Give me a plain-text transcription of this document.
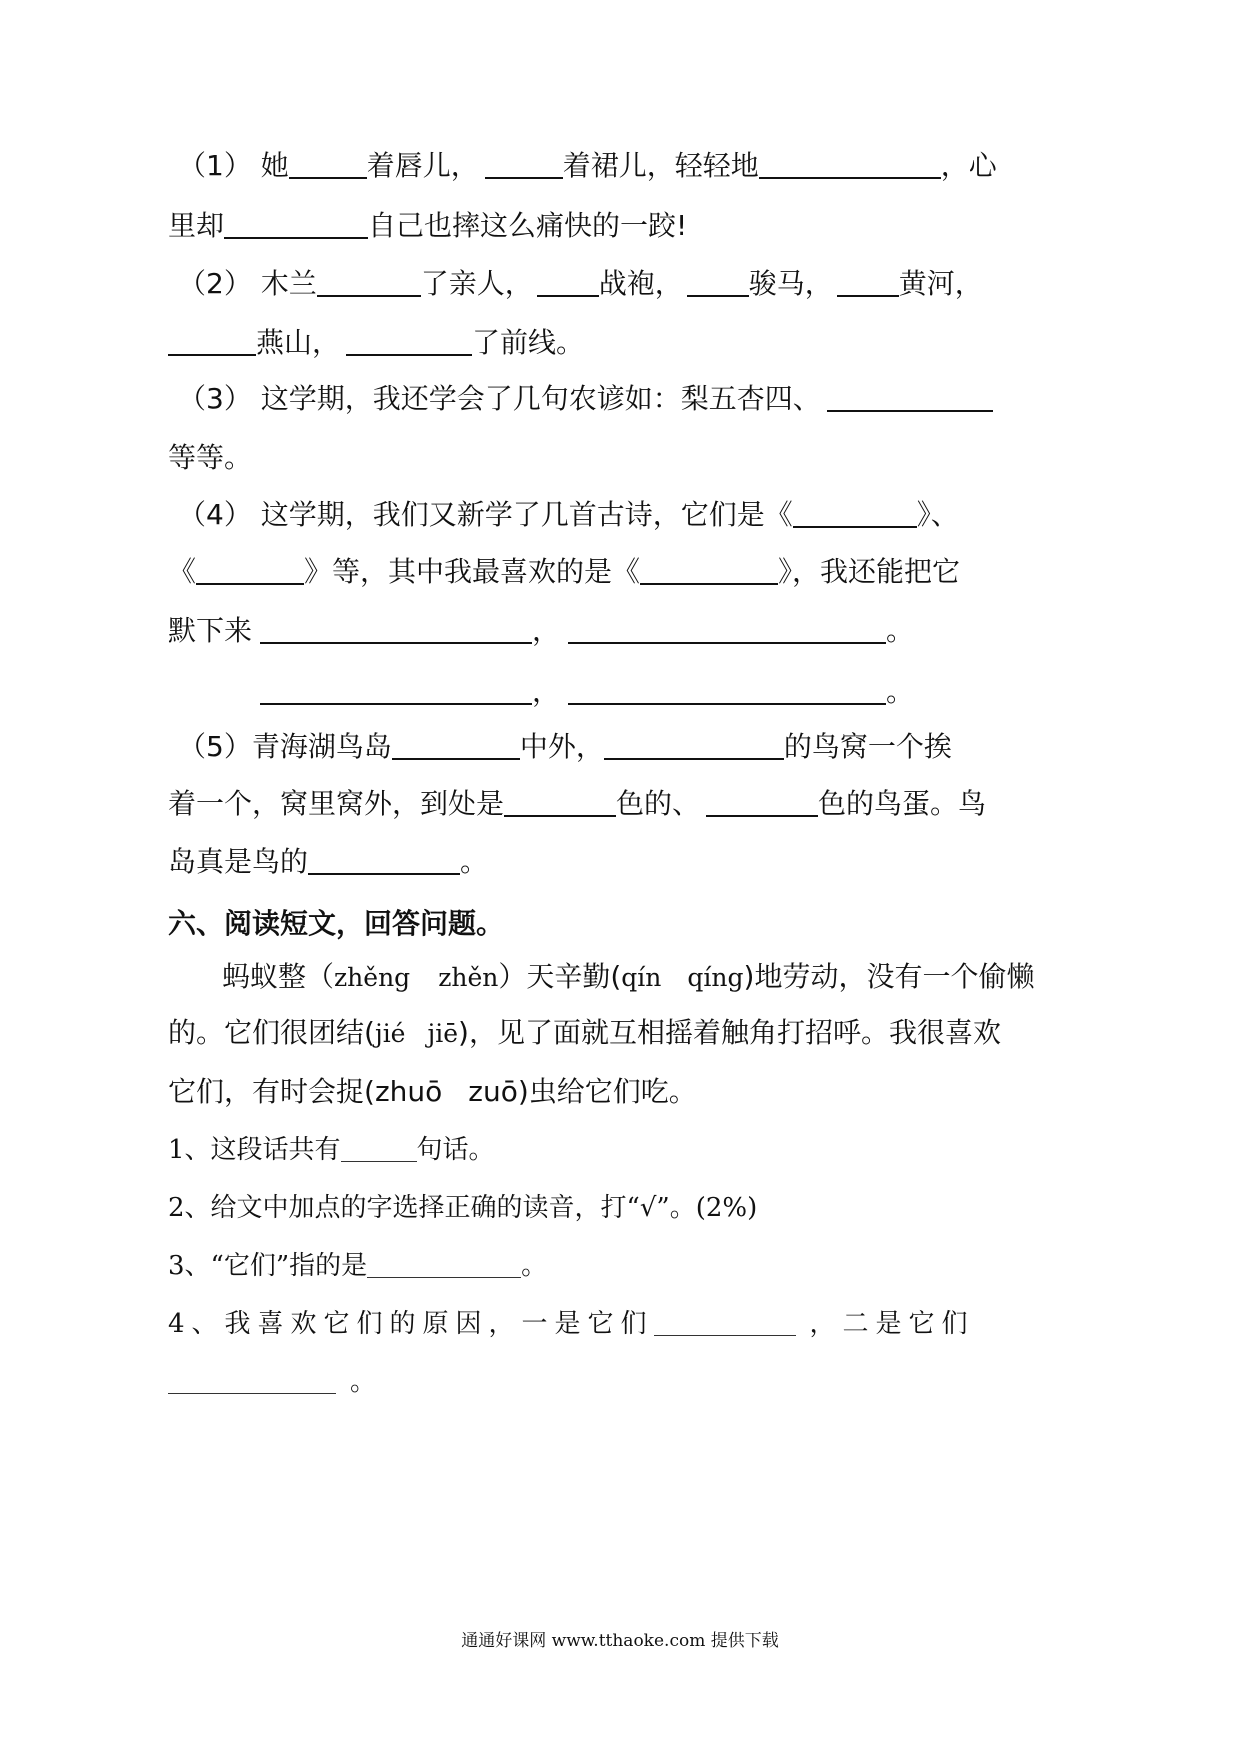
（1） 她	着唇儿，	着裙儿，轻轻地	，心
里却	自己也摔这么痛快的一跤!
（2） 木兰	了亲人， 战袍， 骏马， 黄河，
燕山，	了前线。
（3） 这学期，我还学会了几句农谚如：梨五杏四、
等等。
（4） 这学期，我们又新学了几首古诗，它们是《	》、
《	》等，其中我最喜欢的是《	》，我还能把它
默下来	，	。
，	。
（5）青海湖鸟岛	中外，	的鸟窝一个挨
着一个，窝里窝外，到处是	色的、	色的鸟蛋。鸟
岛真是鸟的	。
六、阅读短文，回答问题。
蚂蚁整（zhěng zhěn）天辛勤(qín qíng)地劳动，没有一个偷懒
的。它们很团结(jié jiē)，见了面就互相摇着触角打招呼。我很喜欢
它们，有时会捉(zhuō zuō)虫给它们吃。
1、这段话共有	句话。
2、给文中加点的字选择正确的读音，打“√”。(2%)
3、“它们”指的是	。
4、我喜欢它们的原因，一是它们	，二是它们
。
通通好课网 www.tthaoke.com 提供下载
